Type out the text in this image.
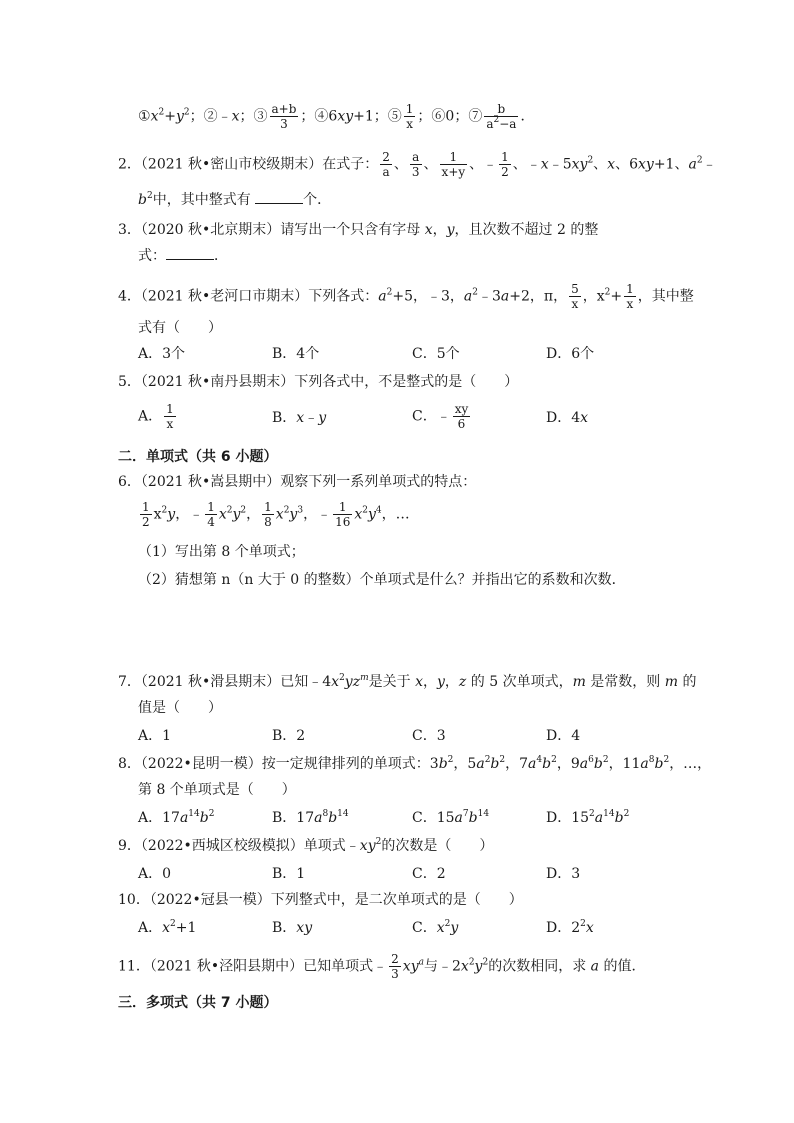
$①x^2+y^2$；②﹣x；③ $\frac{a+b}{3}$ ；④6xy+1；⑤ $\frac{1}{x}$ ；⑥0；⑦ $\frac{b}{a^2-a}$ ．
2．（2021 秋•密山市校级期末）在式子： $\frac{2}{a}$ 、 $\frac{a}{3}$ 、 $\frac{1}{x+y}$ 、﹣ $\frac{1}{2}$ 、$﹣x﹣5xy^2$、x、6xy+1、$a^2﹣$
$b^2$中，其中整式有	个．
3．（2020 秋•北京期末）请写出一个只含有字母 x，y，且次数不超过 2 的整
式：	．
4．（2021 秋•老河口市期末）下列各式：$a^2+5$，﹣3，$a^2﹣3a+2$，π， $\frac{5}{x}$ ，$x^2+ \frac{1}{x}$ ，其中整
式有（　　）
A．3个	B．4个	C．5个	D．6个
5．（2021 秋•南丹县期末）下列各式中，不是整式的是（　　）
A． $\frac{1}{x}$	B．x﹣y	C．﹣ $\frac{xy}{6}$	D．4x
二．单项式（共 6 小题）
6．（2021 秋•嵩县期中）观察下列一系列单项式的特点：
$\frac{1}{2} x^2y$，﹣ $\frac{1}{4} x^2y^2$， $\frac{1}{8} x^2y^3$，﹣ $\frac{1}{16} x^2y^4$，…
（1）写出第 8 个单项式；
（2）猜想第 n（n 大于 0 的整数）个单项式是什么？并指出它的系数和次数．
7．（2021 秋•滑县期末）已知$﹣4x^2yz^m$是关于 x，y，z 的 5 次单项式，m 是常数，则 m 的
值是（　　）
A．1	B．2	C．3	D．4
8．（2022•昆明一模）按一定规律排列的单项式：$3b^2$，$5a^2b^2$，$7a^4b^2$，$9a^6b^2$，$11a^8b^2$，…，
第 8 个单项式是（　　）
A．$17a^{14}b^2$	B．$17a^8b^{14}$	C．$15a^7b^{14}$	D．$15^2a^{14}b^2$
9．（2022•西城区校级模拟）单项式$﹣xy^2$的次数是（　　）
A．0	B．1	C．2	D．3
10．（2022•冠县一模）下列整式中，是二次单项式的是（　　）
A．$x^2+1$	B．xy	C．$x^2y$	D．$2^2x$
11．（2021 秋•泾阳县期中）已知单项式﹣ $\frac{2}{3} xy^a$与$﹣2x^2y^2$的次数相同，求 a 的值．
三．多项式（共 7 小题）
